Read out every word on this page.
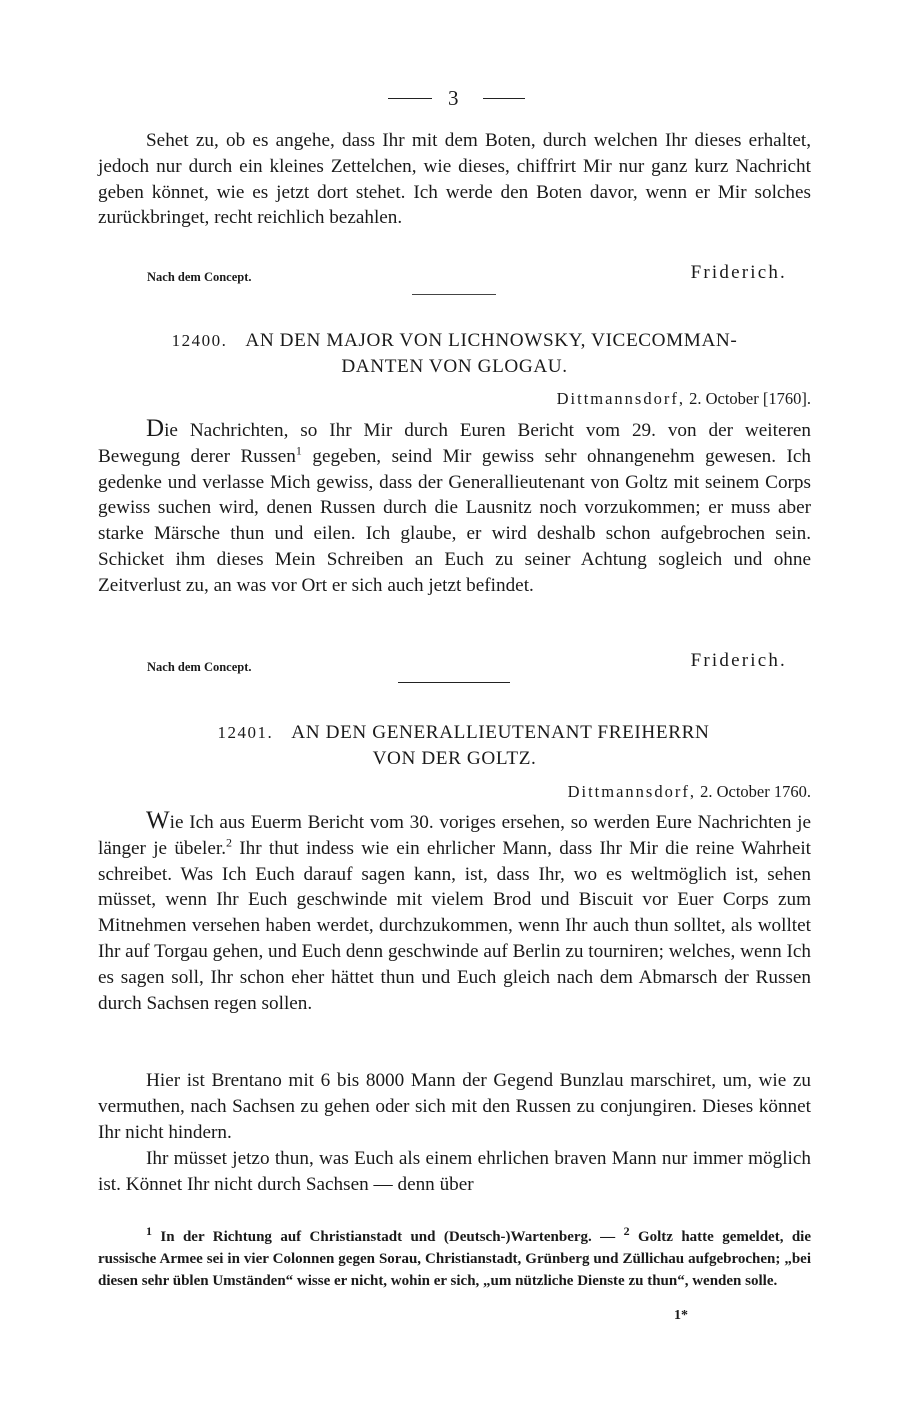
3

Sehet zu, ob es angehe, dass Ihr mit dem Boten, durch welchen Ihr dieses erhaltet, jedoch nur durch ein kleines Zettelchen, wie dieses, chiffrirt Mir nur ganz kurz Nachricht geben könnet, wie es jetzt dort stehet. Ich werde den Boten davor, wenn er Mir solches zurückbringet, recht reichlich bezahlen.

Nach dem Concept.	Friderich.
12400. AN DEN MAJOR VON LICHNOWSKY, VICECOMMAN-
DANTEN VON GLOGAU.
Dittmannsdorf, 2. October [1760].

Die Nachrichten, so Ihr Mir durch Euren Bericht vom 29. von der weiteren Bewegung derer Russen$^1$ gegeben, seind Mir gewiss sehr ohnangenehm gewesen. Ich gedenke und verlasse Mich gewiss, dass der Generallieutenant von Goltz mit seinem Corps gewiss suchen wird, denen Russen durch die Lausnitz noch vorzukommen; er muss aber starke Märsche thun und eilen. Ich glaube, er wird deshalb schon aufgebrochen sein. Schicket ihm dieses Mein Schreiben an Euch zu seiner Achtung sogleich und ohne Zeitverlust zu, an was vor Ort er sich auch jetzt befindet.

Nach dem Concept.	Friderich.
12401. AN DEN GENERALLIEUTENANT FREIHERRN
VON DER GOLTZ.
Dittmannsdorf, 2. October 1760.

Wie Ich aus Euerm Bericht vom 30. voriges ersehen, so werden Eure Nachrichten je länger je übeler.$^2$ Ihr thut indess wie ein ehrlicher Mann, dass Ihr Mir die reine Wahrheit schreibet. Was Ich Euch darauf sagen kann, ist, dass Ihr, wo es weltmöglich ist, sehen müsset, wenn Ihr Euch geschwinde mit vielem Brod und Biscuit vor Euer Corps zum Mitnehmen versehen haben werdet, durchzukommen, wenn Ihr auch thun solltet, als wolltet Ihr auf Torgau gehen, und Euch denn geschwinde auf Berlin zu tourniren; welches, wenn Ich es sagen soll, Ihr schon eher hättet thun und Euch gleich nach dem Abmarsch der Russen durch Sachsen regen sollen.

Hier ist Brentano mit 6 bis 8000 Mann der Gegend Bunzlau marschiret, um, wie zu vermuthen, nach Sachsen zu gehen oder sich mit den Russen zu conjungiren. Dieses könnet Ihr nicht hindern.

Ihr müsset jetzo thun, was Euch als einem ehrlichen braven Mann nur immer möglich ist. Könnet Ihr nicht durch Sachsen — denn über

$^1$ In der Richtung auf Christianstadt und (Deutsch-)Wartenberg. — $^2$ Goltz hatte gemeldet, die russische Armee sei in vier Colonnen gegen Sorau, Christianstadt, Grünberg und Züllichau aufgebrochen; „bei diesen sehr üblen Umständen“ wisse er nicht, wohin er sich, „um nützliche Dienste zu thun“, wenden solle.

1*
